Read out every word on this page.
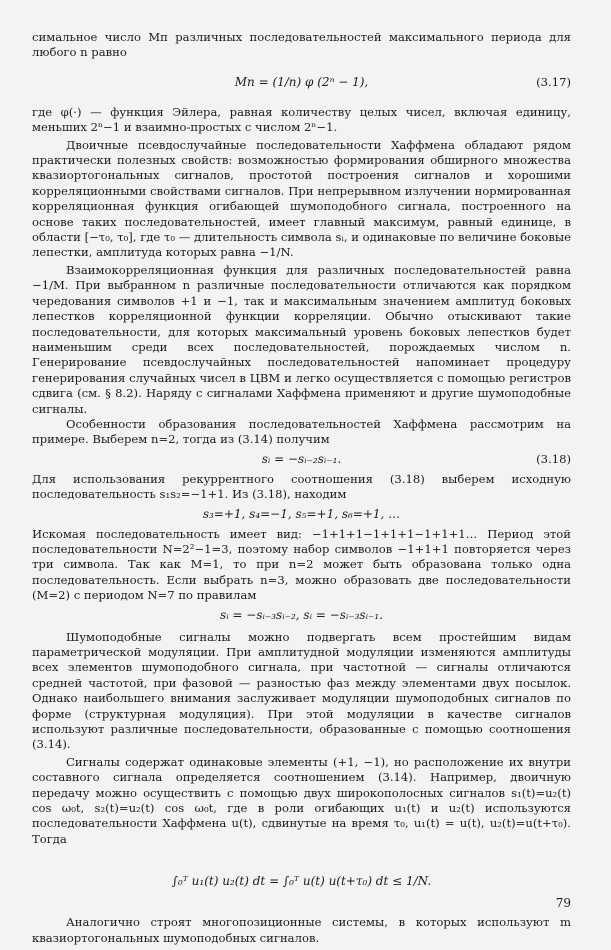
симальное число Mп различных последовательностей максимального периода для любого n равно

Mп = (1/n) φ (2ⁿ − 1),	(3.17)

где φ(·) — функция Эйлера, равная количеству целых чисел, включая единицу, меньших 2ⁿ−1 и взаимно-простых с числом 2ⁿ−1.

Двоичные псевдослучайные последовательности Хаффмена обладают рядом практически полезных свойств: возможностью формирования обширного множества квазиортогональных сигналов, простотой построения сигналов и хорошими корреляционными свойствами сигналов. При непрерывном излучении нормированная корреляционная функция огибающей шумоподобного сигнала, построенного на основе таких последовательностей, имеет главный максимум, равный единице, в области [−τ₀, τ₀], где τ₀ — длительность символа sᵢ, и одинаковые по величине боковые лепестки, амплитуда которых равна −1/N.

Взаимокорреляционная функция для различных последовательностей равна −1/M. При выбранном n различные последовательности отличаются как порядком чередования символов +1 и −1, так и максимальным значением амплитуд боковых лепестков корреляционной функции корреляции. Обычно отыскивают такие последовательности, для которых максимальный уровень боковых лепестков будет наименьшим среди всех последовательностей, порождаемых числом n. Генерирование псевдослучайных последовательностей напоминает процедуру генерирования случайных чисел в ЦВМ и легко осуществляется с помощью регистров сдвига (см. § 8.2). Наряду с сигналами Хаффмена применяют и другие шумоподобные сигналы.

Особенности образования последовательностей Хаффмена рассмотрим на примере. Выберем n=2, тогда из (3.14) получим

sᵢ = −sᵢ₋₂sᵢ₋₁.	(3.18)

Для использования рекуррентного соотношения (3.18) выберем исходную последовательность s₁s₂=−1+1. Из (3.18), находим

s₃=+1, s₄=−1, s₅=+1, s₆=+1, …

Искомая последовательность имеет вид: −1+1+1−1+1+1−1+1+1… Период этой последовательности N=2²−1=3, поэтому набор символов −1+1+1 повторяется через три символа. Так как M=1, то при n=2 может быть образована только одна последовательность. Если выбрать n=3, можно образовать две последовательности (M=2) с периодом N=7 по правилам

sᵢ = −sᵢ₋₃sᵢ₋₂, sᵢ = −sᵢ₋₃sᵢ₋₁.

Шумоподобные сигналы можно подвергать всем простейшим видам параметрической модуляции. При амплитудной модуляции изменяются амплитуды всех элементов шумоподобного сигнала, при частотной — сигналы отличаются средней частотой, при фазовой — разностью фаз между элементами двух посылок. Однако наибольшего внимания заслуживает модуляции шумоподобных сигналов по форме (структурная модуляция). При этой модуляции в качестве сигналов используют различные последовательности, образованные с помощью соотношения (3.14).

Сигналы содержат одинаковые элементы (+1, −1), но расположение их внутри составного сигнала определяется соотношением (3.14). Например, двоичную передачу можно осуществить с помощью двух широкополосных сигналов s₁(t)=u₂(t) cos ω₀t, s₂(t)=u₂(t) cos ω₀t, где в роли огибающих u₁(t) и u₂(t) используются последовательности Хаффмена u(t), сдвинутые на время τ₀, u₁(t) = u(t), u₂(t)=u(t+τ₀). Тогда

∫₀ᵀ u₁(t) u₂(t) dt = ∫₀ᵀ u(t) u(t+τ₀) dt ≤ 1/N.

Аналогично строят многопозиционные системы, в которых используют m квазиортогональных шумоподобных сигналов.

79
